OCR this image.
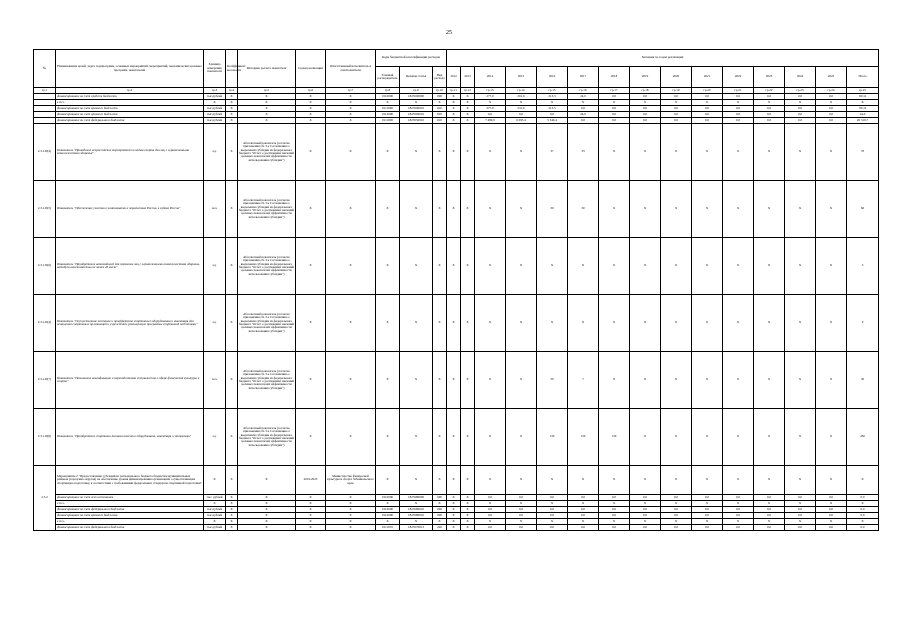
25
№	Наименование целей, задач, подпрограмм, основных мероприятий, мероприятий, экономических целевых программ, показателей	Единица измерения показателя	Коэффициент весомости	Методика расчета показателя	Сроки реализации	Ответственный исполнитель и соисполнители	Коды бюджетной классификации расходов			Значения по годам реализации															
							Главный распорядитель	Целевая статья	Вид расхода	2012	2013	2014	2015	2016	2017	2018	2019	2020	2021	2022	2023	2024	2025	Итого	
гр.1	гр.2	гр.3	гр.4	гр.5	гр.6	гр.7	гр.8	гр.9	гр.10	гр.11	гр.12	гр.13	гр.14	гр.15	гр.16	гр.17	гр.18	гр.19	гр.20	гр.21	гр.22	гр.23	гр.24	гр.25	
	финансирование за счет средств бюджета	тыс.рублей	X	X	X	X	0110000	1825500000	000	X	X	277,0	291,6	213,3	24,0	0,0	0,0	0,0	0,0	0,0	0,0	0,0	0,0	651,6	
	в т.ч.	X	X	X	X	X	X	X	X	X	X	X	X	X	X	X	X	X	X	X	X	X	X	X	
	финансирование за счет краевого бюджета	тыс.рублей	X	X	X	X	0111000	1825500010	610	X	X	277,0	231,6	213,3	0,0	0,0	0,0	0,0	0,0	0,0	0,0	0,0	0,0	351,9	
	финансирование за счет краевого бюджета	тыс.рублей	X	X	X	X	0112000	1825500010	810	X	X	0,0	0,0	0,0	24,0	0,0	0,0	0,0	0,0	0,0	0,0	0,0	0,0	24,0	
	финансирование за счет федерального бюджета	тыс.рублей	X	X	X	X	0111000	1825550010	610	X	X	7 480,9	6 095,4	5 340,4	0,0	0,0	0,0	0,0	0,0	0,0	0,0	0,0	0,0	20 310,7	
2.3.1.П(4)	Показатель "Проведение всероссийских мероприятий по видам спорта для лиц с ограниченными возможностями здоровья"	ед.	X	Абсолютный показатель (согласно приложению № 3 к Соглашению о выделении субсидии из федерального бюджета "Отчет о достижении значений целевых показателей эффективности использования субсидии")	X	X	X	X	X	X	X	X	X	37	33	X	X	X	X	X	X	X	X	70	
2.3.1.П(5)	Показатель "Обеспечение участия в чемпионатах и первенствах России, в кубках России"	чел.	X	Абсолютный показатель (согласно приложению № 3 к Соглашению о выделении субсидии из федерального бюджета "Отчет о достижении значений целевых показателей эффективности использования субсидии")	X	X	X	X	X	X	X	X	X	30	30	X	X	X	X	X	X	X	X	60	
2.3.1.П(6)	Показатель "Приобретение автомобилей для перевозки лиц с ограниченными возможностями здоровья, автобуса вместимостью не менее 40 мест"	ед.	X	Абсолютный показатель (согласно приложению № 3 к Соглашению о выделении субсидии из федерального бюджета "Отчет о достижении значений целевых показателей эффективности использования субсидии")	X	X	X	X	X	X	X	X	X	X	X	X	X	X	X	X	X	X	X	3	
2.3.1.П(4)	Показатель "Осуществление поставок и приобретение спортивного оборудования и инвентаря для оснащения спортивных организаций и учреждений, реализующих программы спортивной подготовки"	ед.	X	Абсолютный показатель (согласно приложению № 3 к Соглашению о выделении субсидии из федерального бюджета "Отчет о достижении значений целевых показателей эффективности использования субсидии")	X	X	X	X	X	X	X	X	X	X	X	X	X	X	X	X	X	X	X	0	
2.3.1.П(7)	Показатель "Повышение квалификации и переподготовка специалистов в сфере физической культуры и спорта"	чел.	X	Абсолютный показатель (согласно приложению № 3 к Соглашению о выделении субсидии из федерального бюджета "Отчет о достижении значений целевых показателей эффективности использования субсидии")	X	X	X	X	X	X	X	X	X	30	7	X	X	X	X	X	X	X	X	30	
2.3.1.П(8)	Показатель "Приобретение спортивно-технологического оборудования, инвентаря и экипировки"	ед.	X	Абсолютный показатель (согласно приложению № 3 к Соглашению о выделении субсидии из федерального бюджета "Отчет о достижении значений целевых показателей эффективности использования субсидии")	X	X	X	X	X	X	X	X	X	150	150	150	X	X	X	X	X	X	X	450	
2.3.2	Мероприятие 2 "Предоставление субсидий из регионального бюджета бюджетам муниципальных районов (городских округов) на обеспечение уровня финансирования организаций, осуществляющих спортивную подготовку, в соответствии с требованиями федеральных стандартов спортивной подготовки"	X	X	X	2019-2025	Министерство физической культуры и спорта Забайкальского края	X	X	X	X	X	X	X	X	X	X	X	X	X	X	X	X	X	X	
	финансирование за счет всех источников	тыс. рублей	X	X	X	X	0110000	1825580000	000	X	X	0,0	0,0	0,0	0,0	0,0	0,0	0,0	0,0	0,0	0,0	0,0	0,0	0,0	
	в т.ч.	X	X	X	X	X	X	X	X	X	X	X	X	X	X	X	X	X	X	X	X	X	X	X	
	финансирование за счет федерального бюджета	тыс.рублей	X	X	X	X	0110000	1825580010	000	X	X	0,0	0,0	0,0	0,0	0,0	0,0	0,0	0,0	0,0	0,0	0,0	0,0	0,0	
	финансирование за счет краевого бюджета	тыс.рублей	X	X	X	X	0110000	1825580010	000	X	X	0,0	0,0	0,0	0,0	0,0	0,0	0,0	0,0	0,0	0,0	0,0	0,0	0,0	
	в т.ч.	X	X	X	X	X	X	X	X	X	X	X	X	X	X	X	X	X	X	X	X	X	X	X	
	финансирование за счет федерального бюджета	тыс.рублей	X	X	X	X	0111035	1825570013	220	X	X	0,0	0,0	0,0	0,0	0,0	0,0	0,0	0,0	0,0	0,0	0,0	0,0	0,0	
